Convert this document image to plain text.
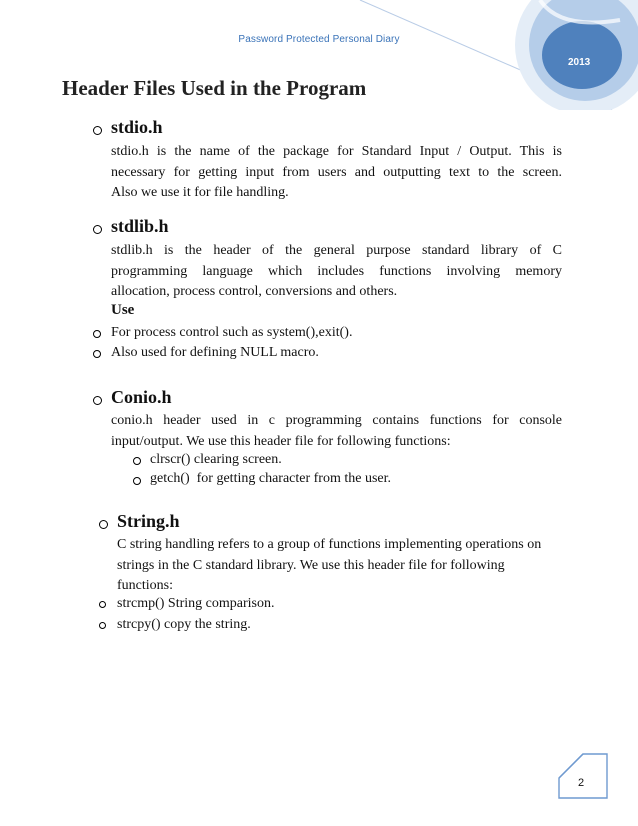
Password Protected Personal Diary
2013
Header Files Used in the Program
stdio.h
stdio.h is the name of the package for Standard Input / Output. This is
necessary for getting input from users and outputting text to the screen.
Also we use it for file handling.
stdlib.h
stdlib.h is the header of the general purpose standard library of C
programming language which includes functions involving memory
allocation, process control, conversions and others.
Use
For process control such as system(),exit().
Also used for defining NULL macro.
Conio.h
conio.h header used in c programming contains functions for console
input/output. We use this header file for following functions:
clrscr() clearing screen.
getch()  for getting character from the user.
String.h
C string handling refers to a group of functions implementing operations on
strings in the C standard library. We use this header file for following
functions:
strcmp() String comparison.
strcpy() copy the string.
2
